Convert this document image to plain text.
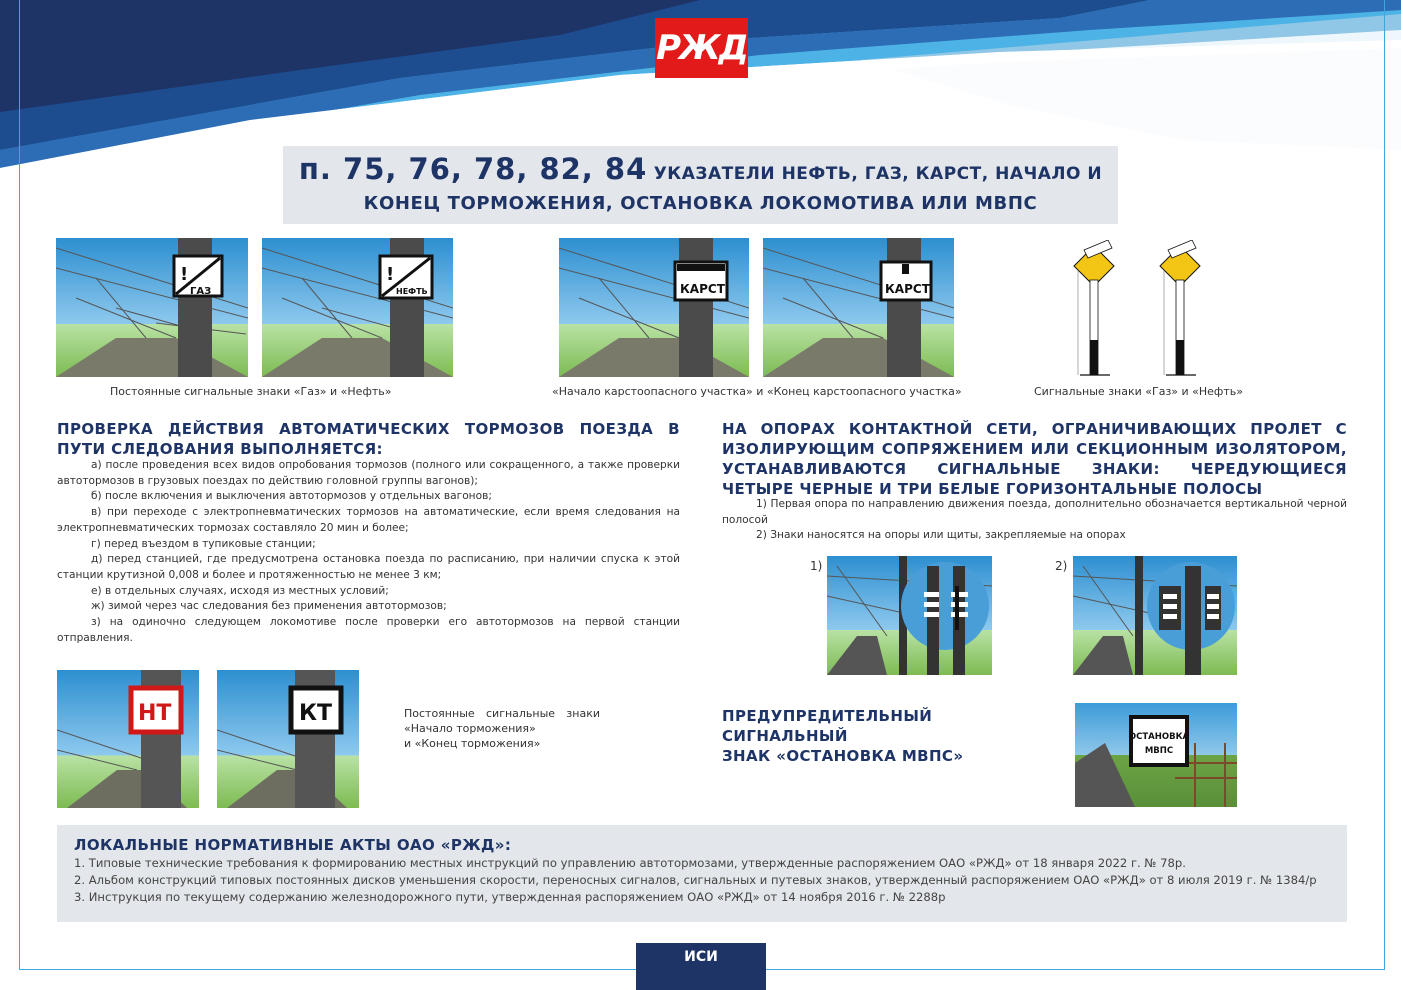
РЖД
п. 75, 76, 78, 82, 84 УКАЗАТЕЛИ НЕФТЬ, ГАЗ, КАРСТ, НАЧАЛО И
КОНЕЦ ТОРМОЖЕНИЯ, ОСТАНОВКА ЛОКОМОТИВА ИЛИ МВПС
!
ГАЗ
!
НЕФТЬ
Постоянные сигнальные знаки «Газ» и «Нефть»
КАРСТ	КАРСТ
«Начало карстоопасного участка» и «Конец карстоопасного участка»	Сигнальные знаки «Газ» и «Нефть»
ПРОВЕРКА ДЕЙСТВИЯ АВТОМАТИЧЕСКИХ ТОРМОЗОВ ПОЕЗДА В ПУТИ СЛЕДОВАНИЯ ВЫПОЛНЯЕТСЯ:

а) после проведения всех видов опробования тормозов (полного или сокращенного, а также проверки автотормозов в грузовых поездах по действию головной группы вагонов);

б) после включения и выключения автотормозов у отдельных вагонов;

в) при переходе с электропневматических тормозов на автоматические, если время следования на электропневматических тормозах составляло 20 мин и более;

г) перед въездом в тупиковые станции;

д) перед станцией, где предусмотрена остановка поезда по расписанию, при наличии спуска к этой станции крутизной 0,008 и более и протяженностью не менее 3 км;

е) в отдельных случаях, исходя из местных условий;

ж) зимой через час следования без применения автотормозов;

з) на одиночно следующем локомотиве после проверки его автотормозов на первой станции отправления.

НА ОПОРАХ КОНТАКТНОЙ СЕТИ, ОГРАНИЧИВАЮЩИХ ПРОЛЕТ С ИЗОЛИРУЮЩИМ СОПРЯЖЕНИЕМ ИЛИ СЕКЦИОННЫМ ИЗОЛЯТОРОМ, УСТАНАВЛИВАЮТСЯ СИГНАЛЬНЫЕ ЗНАКИ: ЧЕРЕДУЮЩИЕСЯ ЧЕТЫРЕ ЧЕРНЫЕ И ТРИ БЕЛЫЕ ГОРИЗОНТАЛЬНЫЕ ПОЛОСЫ

1) Первая опора по направлению движения поезда, дополнительно обозначается вертикальной черной полосой

2) Знаки наносятся на опоры или щиты, закрепляемые на опорах

1)	2)
НТ	КТ	Постоянные сигнальные знаки
«Начало торможения»
и «Конец торможения»
ПРЕДУПРЕДИТЕЛЬНЫЙ СИГНАЛЬНЫЙ
ЗНАК «ОСТАНОВКА МВПС»
ОСТАНОВКА
МВПС
ЛОКАЛЬНЫЕ НОРМАТИВНЫЕ АКТЫ ОАО «РЖД»:
1. Типовые технические требования к формированию местных инструкций по управлению автотормозами, утвержденные распоряжением ОАО «РЖД» от 18 января 2022 г. № 78р.
2. Альбом конструкций типовых постоянных дисков уменьшения скорости, переносных сигналов, сигнальных и путевых знаков, утвержденный распоряжением ОАО «РЖД» от 8 июля 2019 г. № 1384/р
3. Инструкция по текущему содержанию железнодорожного пути, утвержденная распоряжением ОАО «РЖД» от 14 ноября 2016 г. № 2288р
ИСИ
